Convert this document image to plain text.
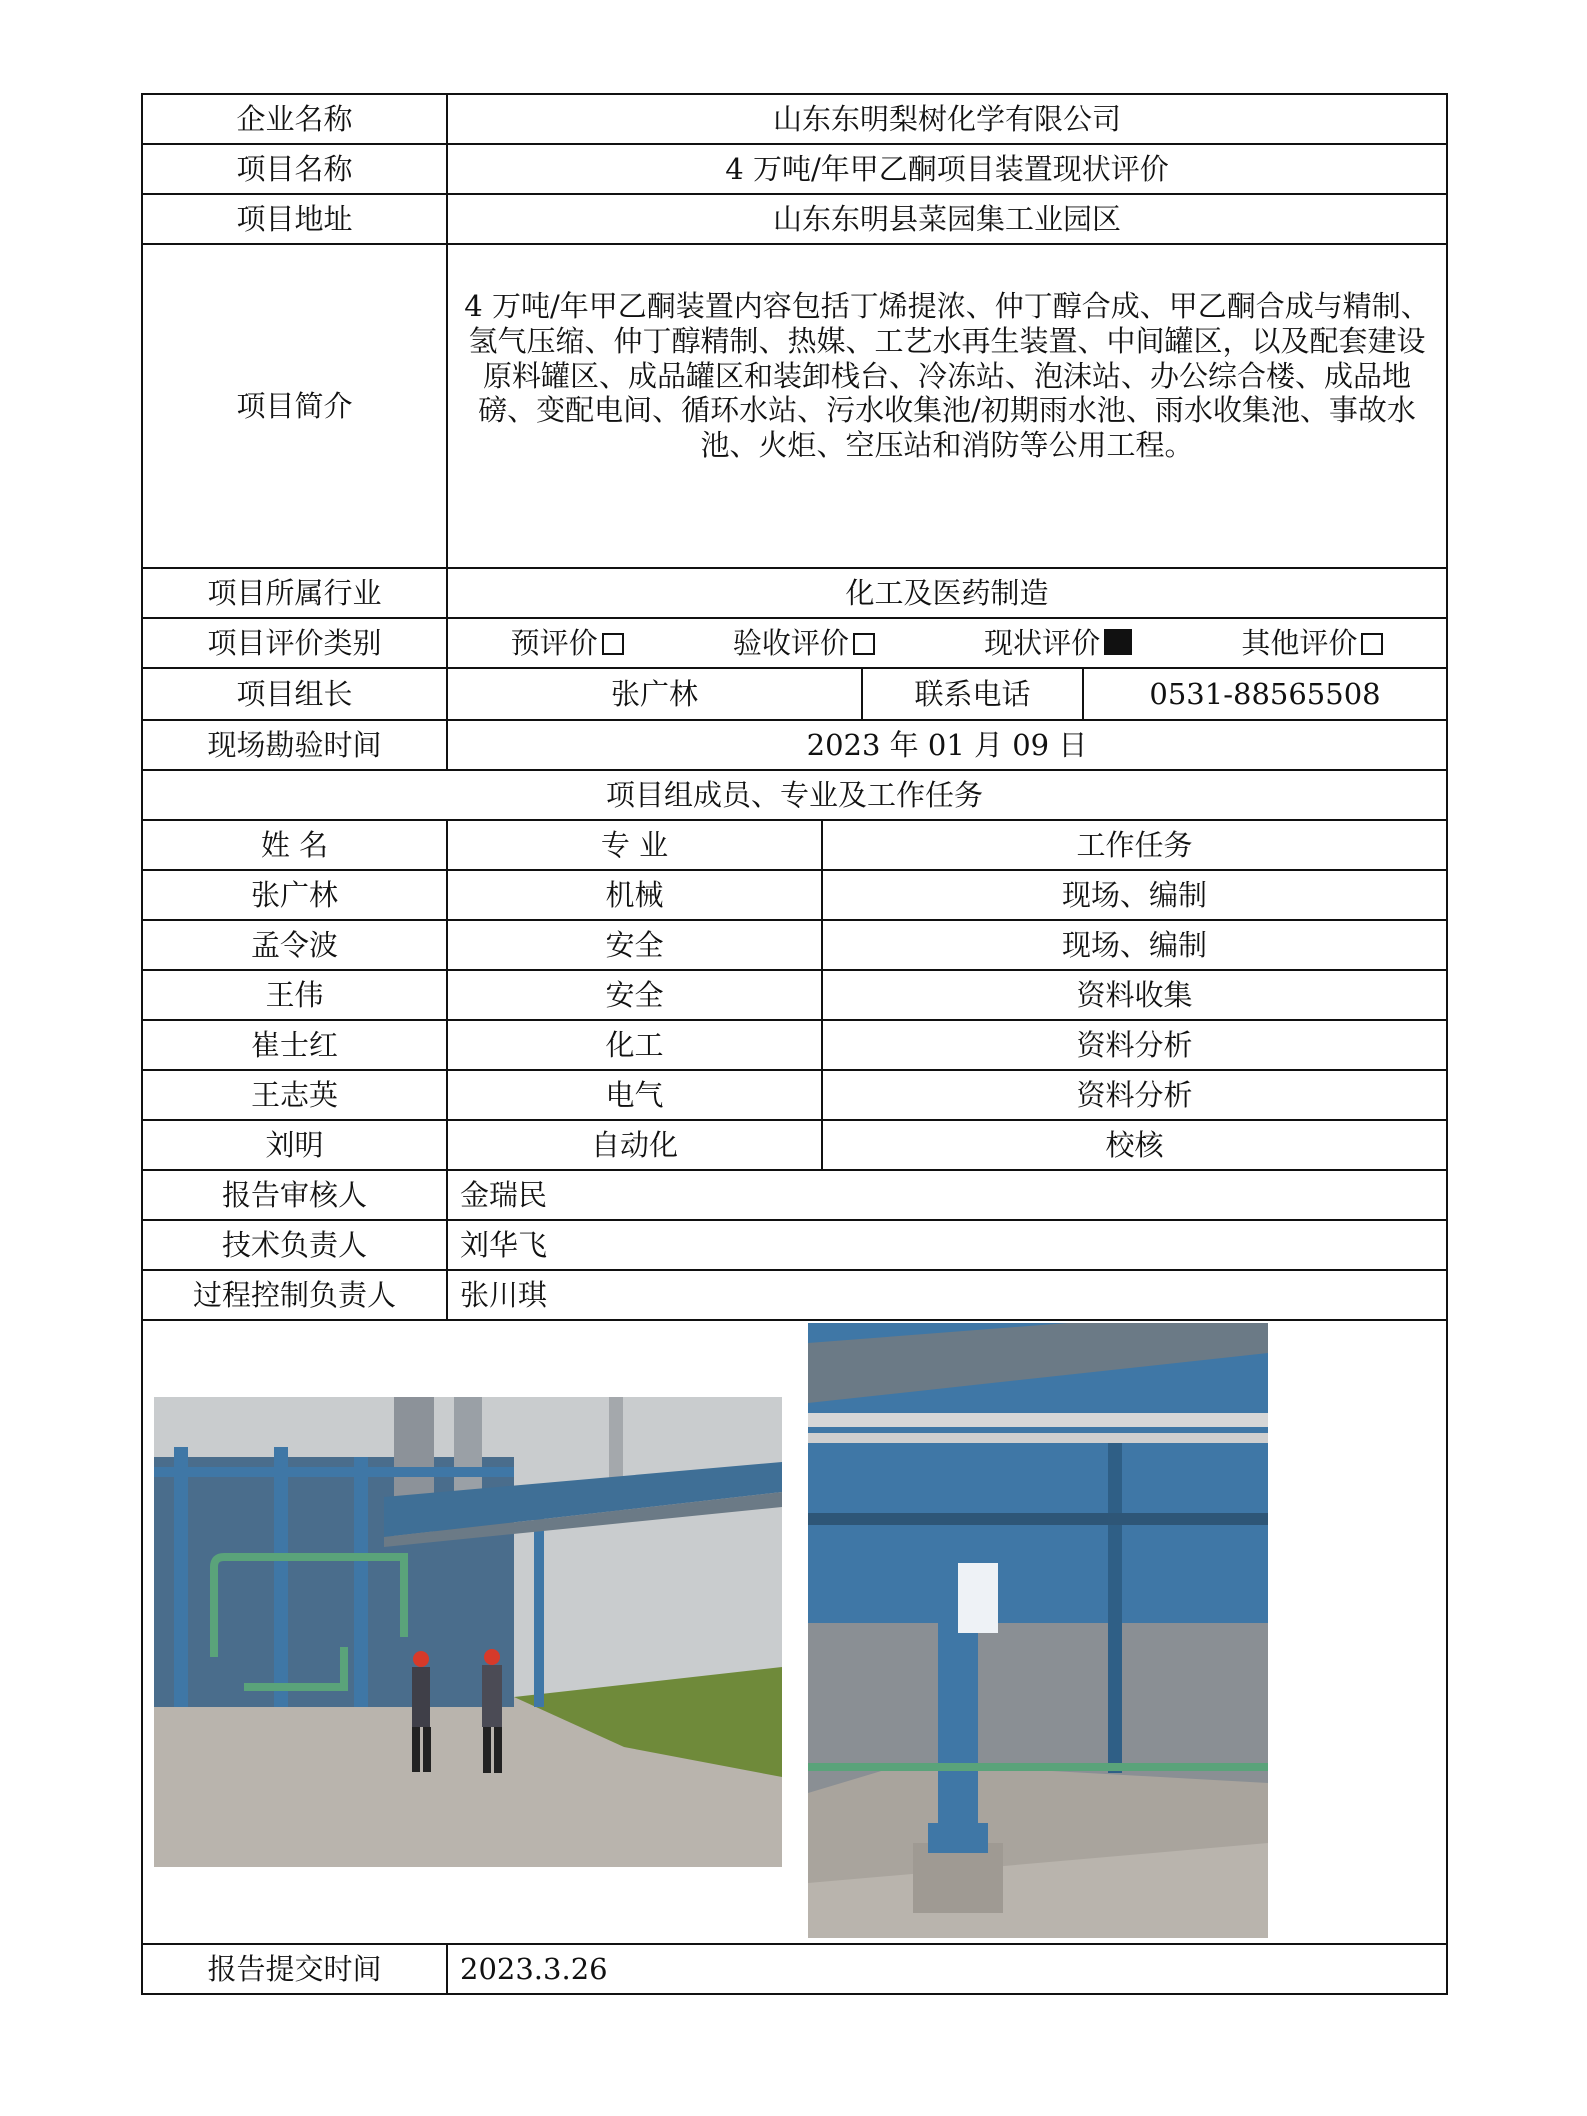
企业名称	山东东明梨树化学有限公司	
项目名称	4 万吨/年甲乙酮项目装置现状评价	
项目地址	山东东明县菜园集工业园区	
项目简介	4 万吨/年甲乙酮装置内容包括丁烯提浓、仲丁醇合成、甲乙酮合成与精制、氢气压缩、仲丁醇精制、热媒、工艺水再生装置、中间罐区，以及配套建设原料罐区、成品罐区和装卸栈台、冷冻站、泡沫站、办公综合楼、成品地磅、变配电间、循环水站、污水收集池/初期雨水池、雨水收集池、事故水池、火炬、空压站和消防等公用工程。	

项目所属行业	化工及医药制造	
项目评价类别	预评价 验收评价 现状评价 其他评价	

项目组长	张广林 联系电话 0531-88565508	

现场勘验时间	2023 年 01 月 09 日	
项目组成员、专业及工作任务		
姓 名	专 业	工作任务
张广林	机械	现场、编制
孟令波	安全	现场、编制
王伟	安全	资料收集
崔士红	化工	资料分析
王志英	电气	资料分析
刘明	自动化	校核
报告审核人	金瑞民	
技术负责人	刘华飞	
过程控制负责人	张川琪	

报告提交时间	2023.3.26	
